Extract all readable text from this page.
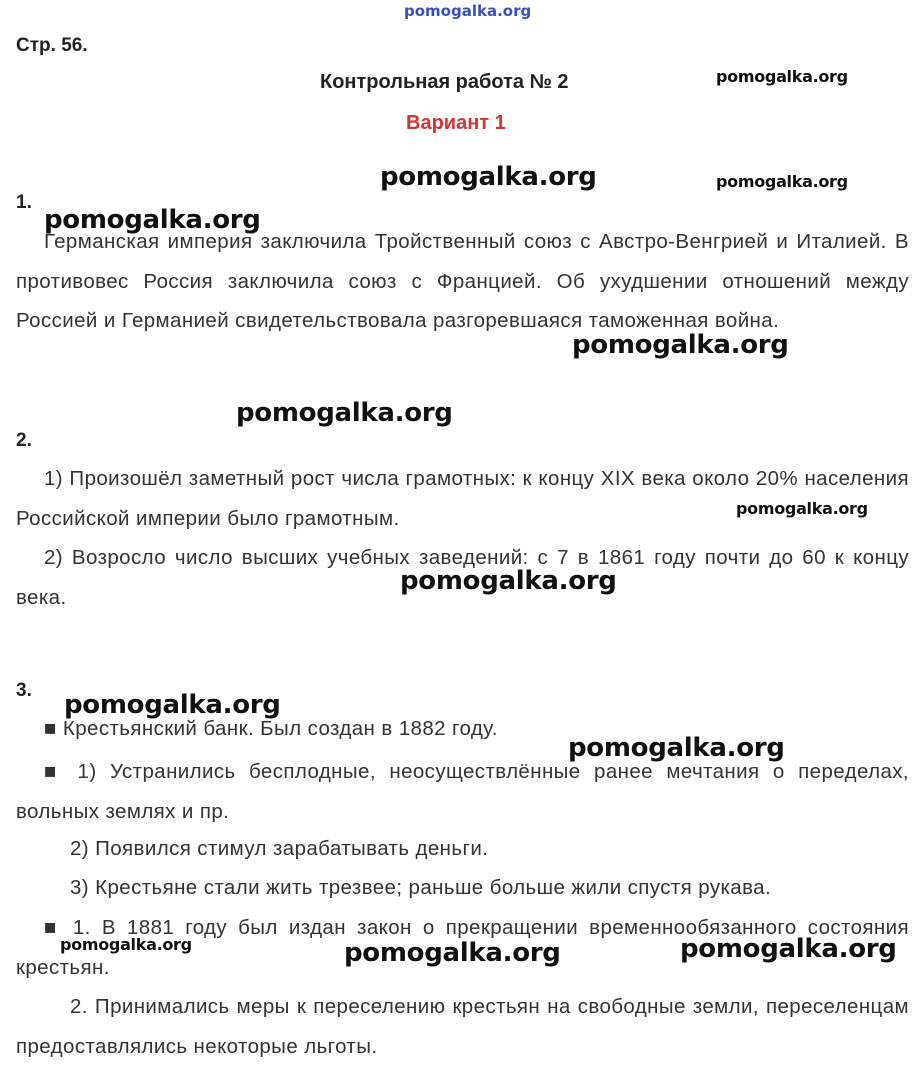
pomogalka.org
Стр. 56.
Контрольная работа № 2
Вариант 1
1.
Германская империя заключила Тройственный союз с Австро-Венгрией и Италией. В противовес Россия заключила союз с Францией. Об ухудшении отношений между Россией и Германией свидетельствовала разгоревшаяся таможенная война.
2.
1) Произошёл заметный рост числа грамотных: к концу XIX века около 20% населения Российской империи было грамотным.
2) Возросло число высших учебных заведений: с 7 в 1861 году почти до 60 к концу века.
3.
■ Крестьянский банк. Был создан в 1882 году.
■ 1) Устранились бесплодные, неосуществлённые ранее мечтания о переделах, вольных землях и пр.
2) Появился стимул зарабатывать деньги.
3) Крестьяне стали жить трезвее; раньше больше жили спустя рукава.
■ 1. В 1881 году был издан закон о прекращении временнообязанного состояния крестьян.
2. Принимались меры к переселению крестьян на свободные земли, переселенцам предоставлялись некоторые льготы.
pomogalka.org
pomogalka.org	pomogalka.org
pomogalka.org
pomogalka.org
pomogalka.org
pomogalka.org
pomogalka.org
pomogalka.org
pomogalka.org
pomogalka.org	pomogalka.org	pomogalka.org
